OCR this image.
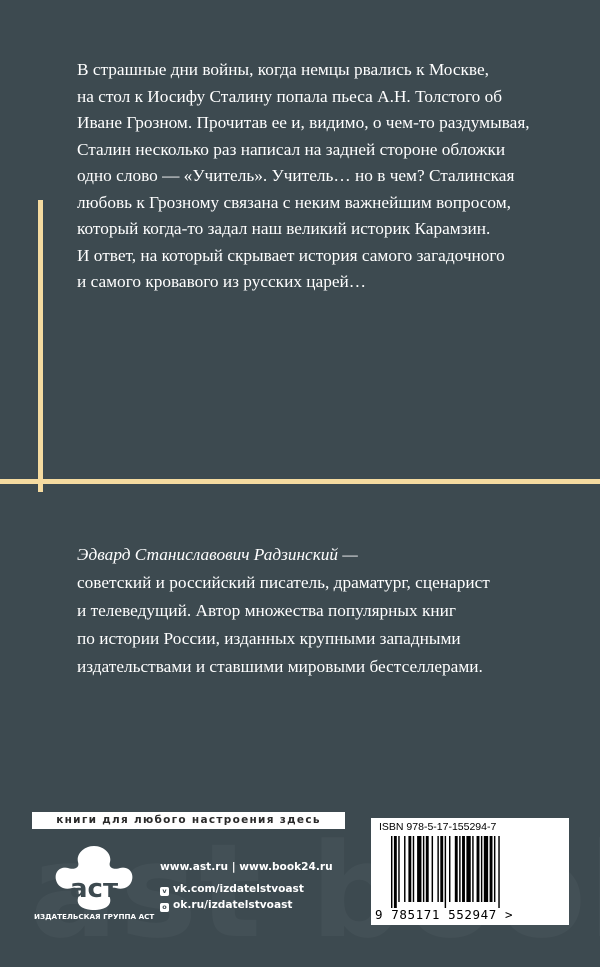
В страшные дни войны, когда немцы рвались к Москве,

на стол к Иосифу Сталину попала пьеса А.Н. Толстого об

Иване Грозном. Прочитав ее и, видимо, о чем-то раздумывая,

Сталин несколько раз написал на задней стороне обложки

одно слово — «Учитель». Учитель… но в чем? Сталинская

любовь к Грозному связана с неким важнейшим вопросом,

который когда-то задал наш великий историк Карамзин.

И ответ, на который скрывает история самого загадочного

и самого кровавого из русских царей…

Эдвард Станиславович Радзинский —

советский и российский писатель, драматург, сценарист

и телеведущий. Автор множества популярных книг

по истории России, изданных крупными западными

издательствами и ставшими мировыми бестселлерами.

книги для любого настроения здесь
аст
ИЗДАТЕЛЬСКАЯ ГРУППА АСТ
www.ast.ru | www.book24.ru
v vk.com/izdatelstvoast
o ok.ru/izdatelstvoast
ISBN 978-5-17-155294-7
9 785171 552947 >
